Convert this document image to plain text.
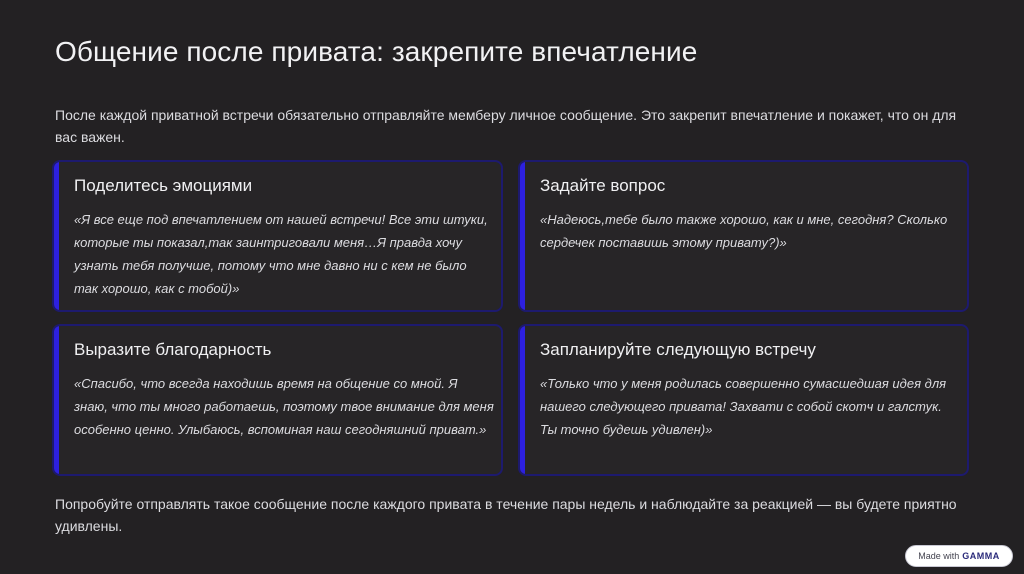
Общение после привата: закрепите впечатление
После каждой приватной встречи обязательно отправляйте мемберу личное сообщение. Это закрепит впечатление и покажет, что он для вас важен.
Поделитесь эмоциями
«Я все еще под впечатлением от нашей встречи! Все эти штуки, которые ты показал,так заинтриговали меня…Я правда хочу узнать тебя получше, потому что мне давно ни с кем не было так хорошо, как с тобой)»
Задайте вопрос
«Надеюсь,тебе было также хорошо, как и мне, сегодня? Сколько сердечек поставишь этому привату?)»
Выразите благодарность
«Спасибо, что всегда находишь время на общение со мной. Я знаю, что ты много работаешь, поэтому твое внимание для меня особенно ценно. Улыбаюсь, вспоминая наш сегодняшний приват.»
Запланируйте следующую встречу
«Только что у меня родилась совершенно сумасшедшая идея для нашего следующего привата! Захвати с собой скотч и галстук. Ты точно будешь удивлен)»
Попробуйте отправлять такое сообщение после каждого привата в течение пары недель и наблюдайте за реакцией — вы будете приятно удивлены.
Made with GAMMA
